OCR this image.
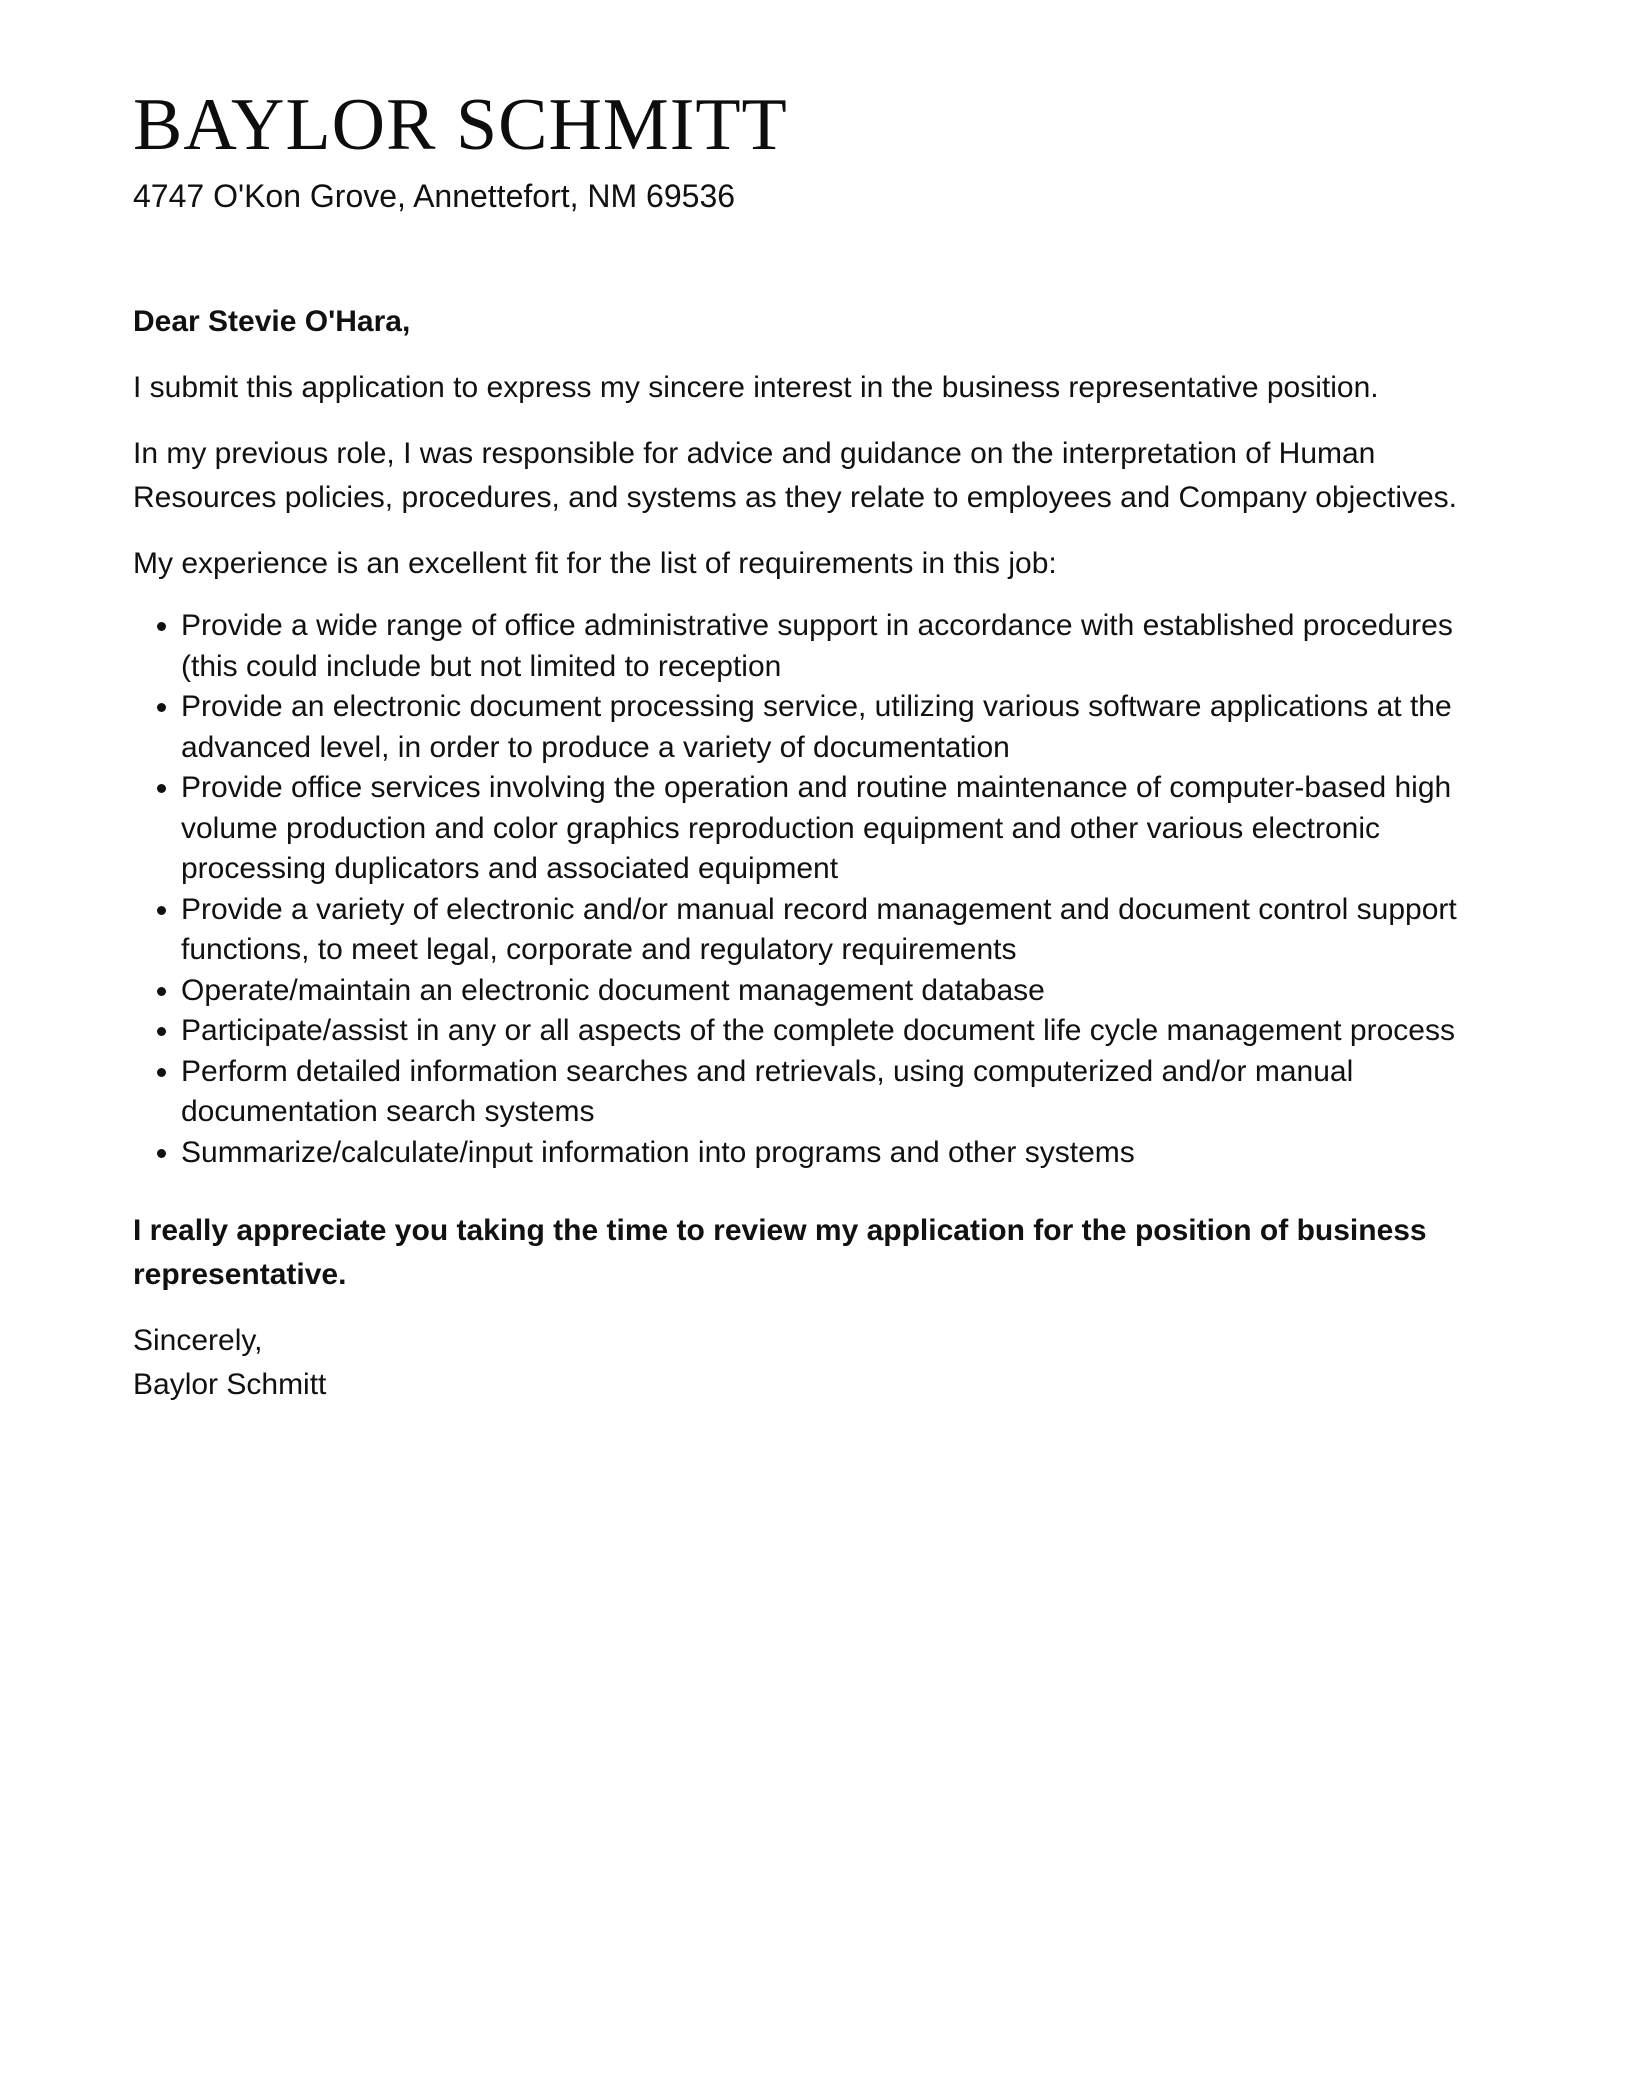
BAYLOR SCHMITT
4747 O'Kon Grove, Annettefort, NM 69536
Dear Stevie O'Hara,

I submit this application to express my sincere interest in the business representative position.

In my previous role, I was responsible for advice and guidance on the interpretation of Human Resources policies, procedures, and systems as they relate to employees and Company objectives.

My experience is an excellent fit for the list of requirements in this job:

• Provide a wide range of office administrative support in accordance with established procedures (this could include but not limited to reception
• Provide an electronic document processing service, utilizing various software applications at the advanced level, in order to produce a variety of documentation
• Provide office services involving the operation and routine maintenance of computer-based high volume production and color graphics reproduction equipment and other various electronic processing duplicators and associated equipment
• Provide a variety of electronic and/or manual record management and document control support functions, to meet legal, corporate and regulatory requirements
• Operate/maintain an electronic document management database
• Participate/assist in any or all aspects of the complete document life cycle management process
• Perform detailed information searches and retrievals, using computerized and/or manual documentation search systems
• Summarize/calculate/input information into programs and other systems
I really appreciate you taking the time to review my application for the position of business representative.
Sincerely,
Baylor Schmitt
